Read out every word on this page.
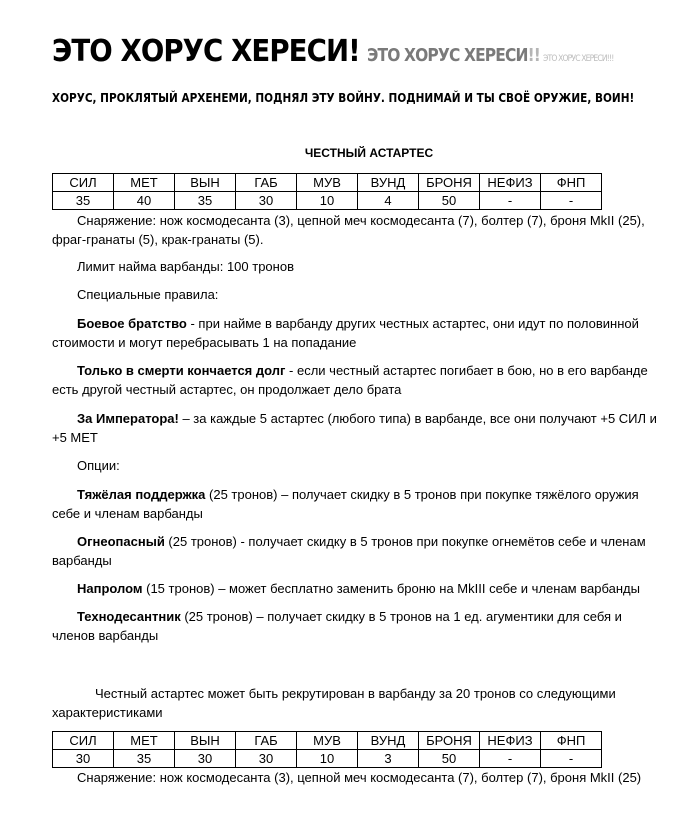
ЭТО ХОРУС ХЕРЕСИ! ЭТО ХОРУС ХЕРЕСИ!! ЭТО ХОРУС ХЕРЕСИ!!!
ХОРУС, ПРОКЛЯТЫЙ АРХЕНЕМИ, ПОДНЯЛ ЭТУ ВОЙНУ. ПОДНИМАЙ И ТЫ СВОЁ ОРУЖИЕ, ВОИН!
ЧЕСТНЫЙ АСТАРТЕС
СИЛ	МЕТ	ВЫН	ГАБ	МУВ	ВУНД	БРОНЯ	НЕФИЗ	ФНП
35	40	35	30	10	4	50	-	-
Снаряжение: нож космодесанта (3), цепной меч космодесанта (7), болтер (7), броня MkII (25), фраг-гранаты (5), крак-гранаты (5).
Лимит найма варбанды: 100 тронов
Специальные правила:
Боевое братство - при найме в варбанду других честных астартес, они идут по половинной стоимости и могут перебрасывать 1 на попадание
Только в смерти кончается долг - если честный астартес погибает в бою, но в его варбанде есть другой честный астартес, он продолжает дело брата
За Императора! – за каждые 5 астартес (любого типа) в варбанде, все они получают +5 СИЛ и +5 МЕТ
Опции:
Тяжёлая поддержка (25 тронов) – получает скидку в 5 тронов при покупке тяжёлого оружия себе и членам варбанды
Огнеопасный (25 тронов) - получает скидку в 5 тронов при покупке огнемётов себе и членам варбанды
Напролом (15 тронов) – может бесплатно заменить броню на MkIII себе и членам варбанды
Технодесантник (25 тронов) – получает скидку в 5 тронов на 1 ед. агументики для себя и членов варбанды
Честный астартес может быть рекрутирован в варбанду за 20 тронов со следующими характеристиками
СИЛ	МЕТ	ВЫН	ГАБ	МУВ	ВУНД	БРОНЯ	НЕФИЗ	ФНП
30	35	30	30	10	3	50	-	-
Снаряжение: нож космодесанта (3), цепной меч космодесанта (7), болтер (7), броня MkII (25)
